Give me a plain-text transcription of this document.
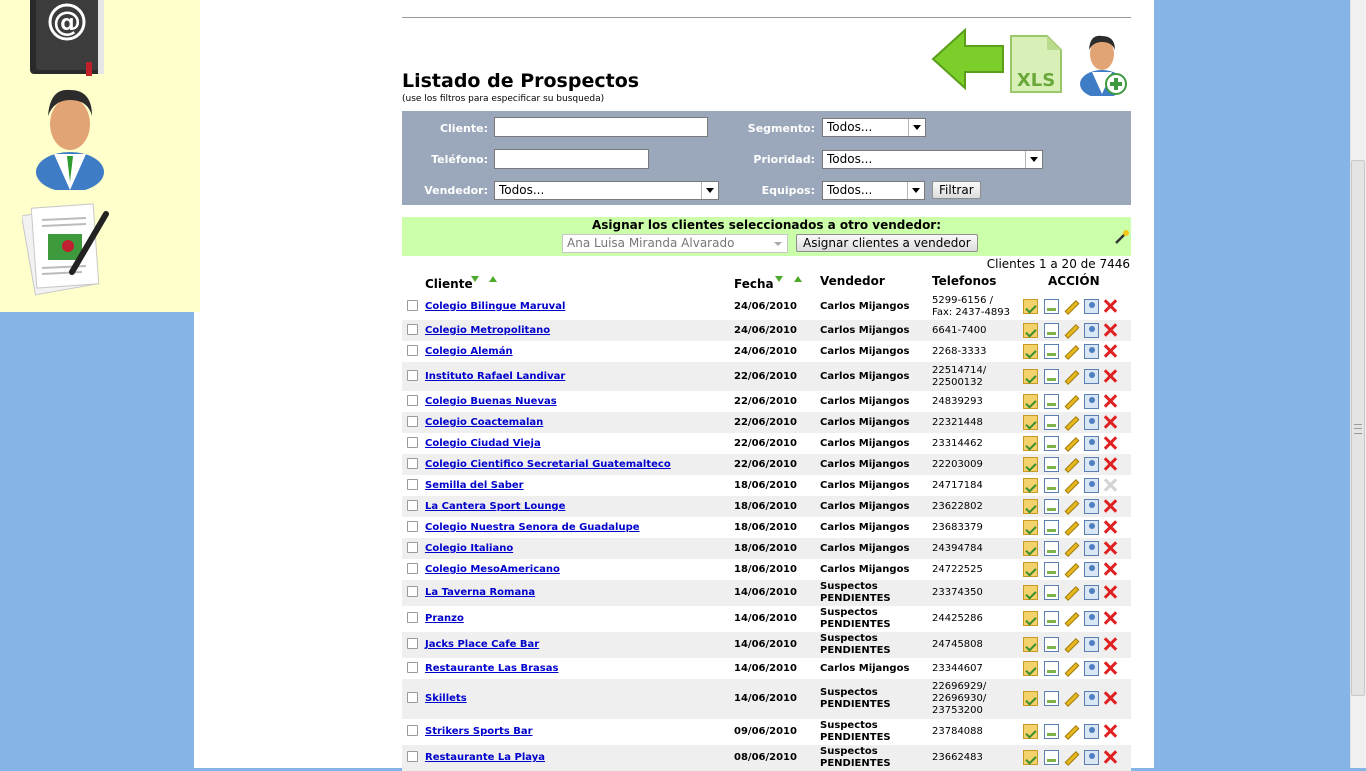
@
XLS
Listado de Prospectos
(use los filtros para especificar su busqueda)
Cliente:
Teléfono:
Vendedor: Todos...
Segmento:	Todos...
Prioridad:	Todos...
Equipos:	Todos...	Filtrar
Asignar los clientes seleccionados a otro vendedor:
Ana Luisa Miranda Alvarado	Asignar clientes a vendedor
Clientes 1 a 20 de 7446
Cliente	Fecha	Vendedor	Telefonos	ACCIÓN
Colegio Bilingue Maruval	24/06/2010 Carlos Mijangos
5299-6156 /
Fax: 2437-4893
Colegio Metropolitano	24/06/2010 Carlos Mijangos 6641-7400
Colegio Alemán	24/06/2010 Carlos Mijangos 2268-3333
Instituto Rafael Landivar	22/06/2010 Carlos Mijangos
22514714/
22500132
Colegio Buenas Nuevas	22/06/2010 Carlos Mijangos 24839293
Colegio Coactemalan	22/06/2010 Carlos Mijangos 22321448
Colegio Ciudad Vieja	22/06/2010 Carlos Mijangos 23314462
Colegio Cientifico Secretarial Guatemalteco	22/06/2010 Carlos Mijangos 22203009
Semilla del Saber	18/06/2010 Carlos Mijangos 24717184
La Cantera Sport Lounge	18/06/2010 Carlos Mijangos 23622802
Colegio Nuestra Senora de Guadalupe	18/06/2010 Carlos Mijangos 23683379
Colegio Italiano	18/06/2010 Carlos Mijangos 24394784
Colegio MesoAmericano	18/06/2010 Carlos Mijangos 24722525
La Taverna Romana	14/06/2010
Suspectos
PENDIENTES
23374350
Pranzo	14/06/2010
Suspectos
PENDIENTES
24425286
Jacks Place Cafe Bar	14/06/2010
Suspectos
PENDIENTES
24745808
Restaurante Las Brasas	14/06/2010 Carlos Mijangos 23344607
Skillets	14/06/2010
Suspectos
PENDIENTES
22696929/
22696930/
23753200
Strikers Sports Bar	09/06/2010
Suspectos
PENDIENTES
23784088
Restaurante La Playa	08/06/2010
Suspectos
PENDIENTES
23662483
